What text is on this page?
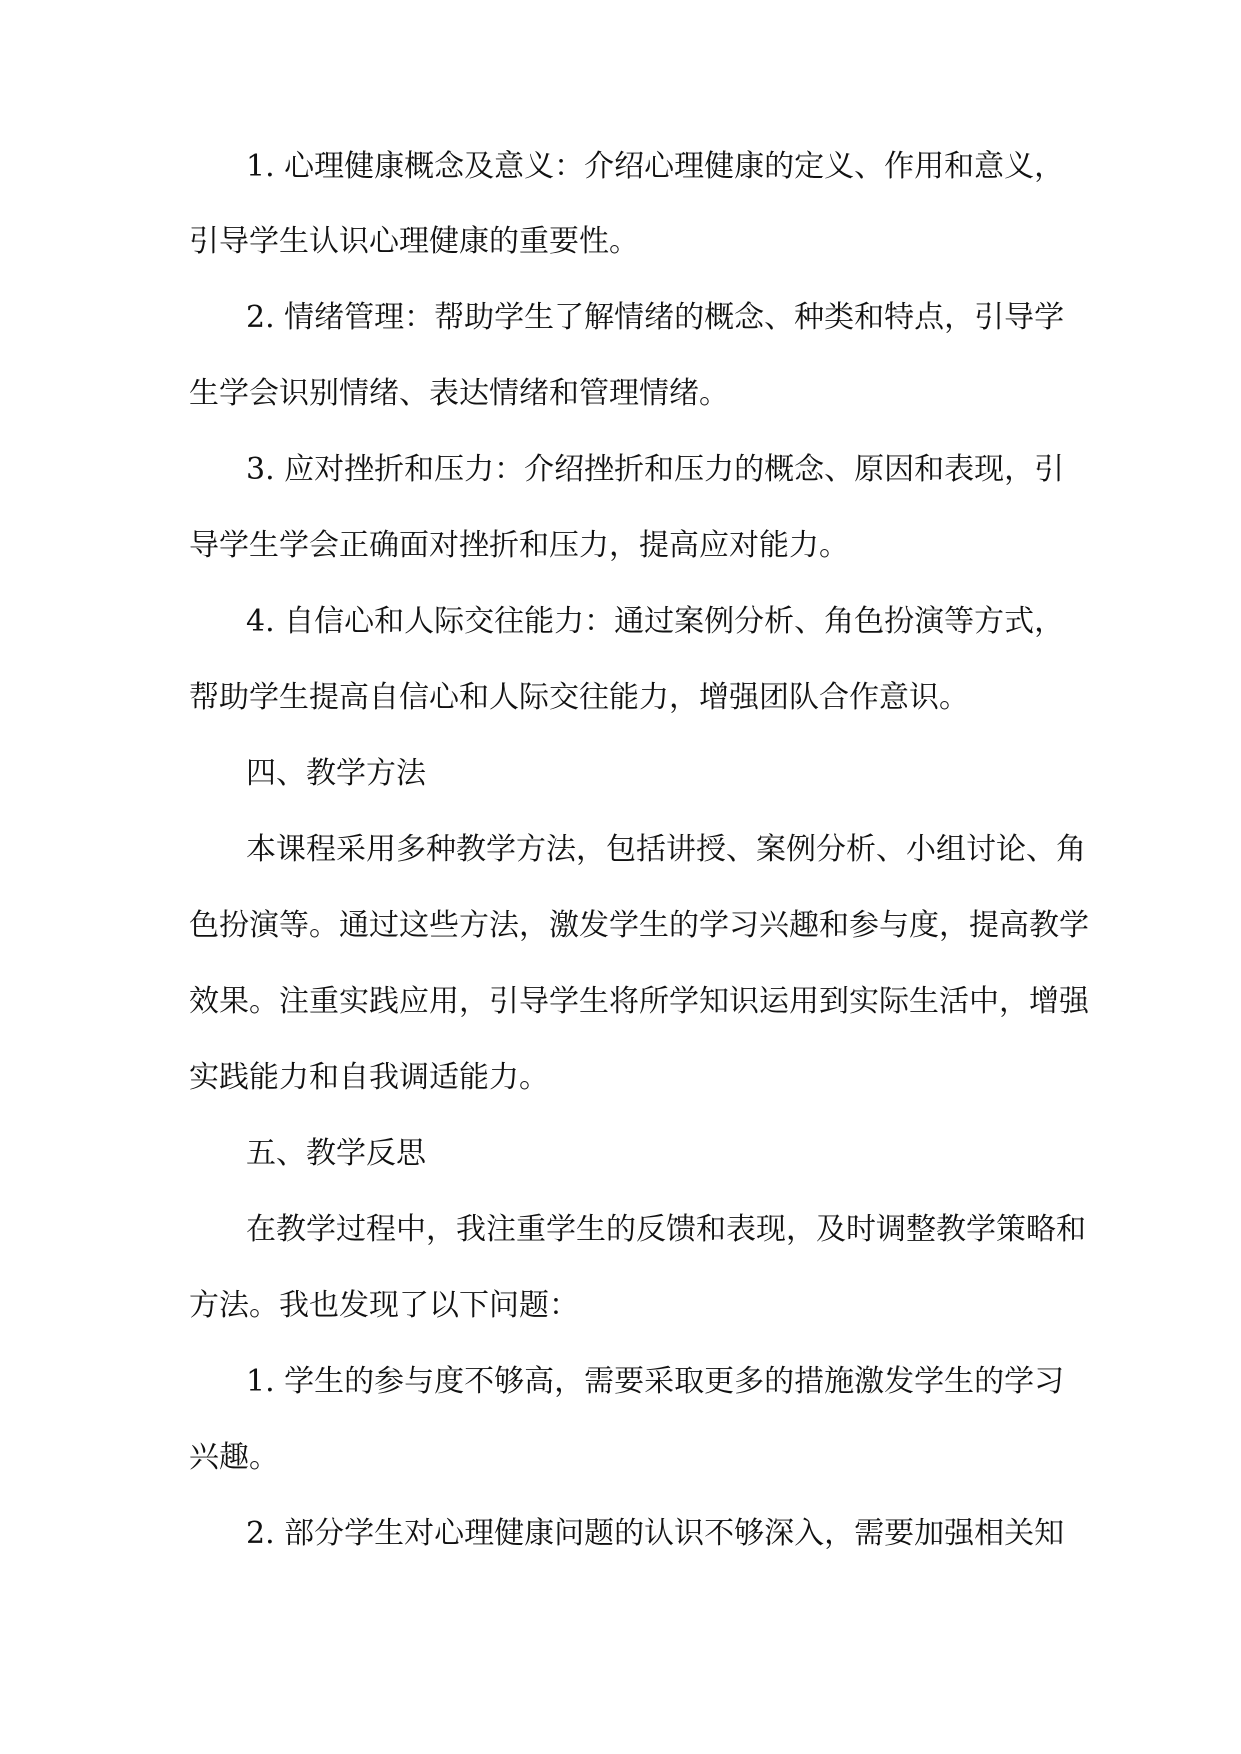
1. 心理健康概念及意义：介绍心理健康的定义、作用和意义，

引导学生认识心理健康的重要性。

2. 情绪管理：帮助学生了解情绪的概念、种类和特点，引导学

生学会识别情绪、表达情绪和管理情绪。

3. 应对挫折和压力：介绍挫折和压力的概念、原因和表现，引

导学生学会正确面对挫折和压力，提高应对能力。

4. 自信心和人际交往能力：通过案例分析、角色扮演等方式，

帮助学生提高自信心和人际交往能力，增强团队合作意识。

四、教学方法

本课程采用多种教学方法，包括讲授、案例分析、小组讨论、角

色扮演等。通过这些方法，激发学生的学习兴趣和参与度，提高教学

效果。注重实践应用，引导学生将所学知识运用到实际生活中，增强

实践能力和自我调适能力。

五、教学反思

在教学过程中，我注重学生的反馈和表现，及时调整教学策略和

方法。我也发现了以下问题：

1. 学生的参与度不够高，需要采取更多的措施激发学生的学习

兴趣。

2. 部分学生对心理健康问题的认识不够深入，需要加强相关知
